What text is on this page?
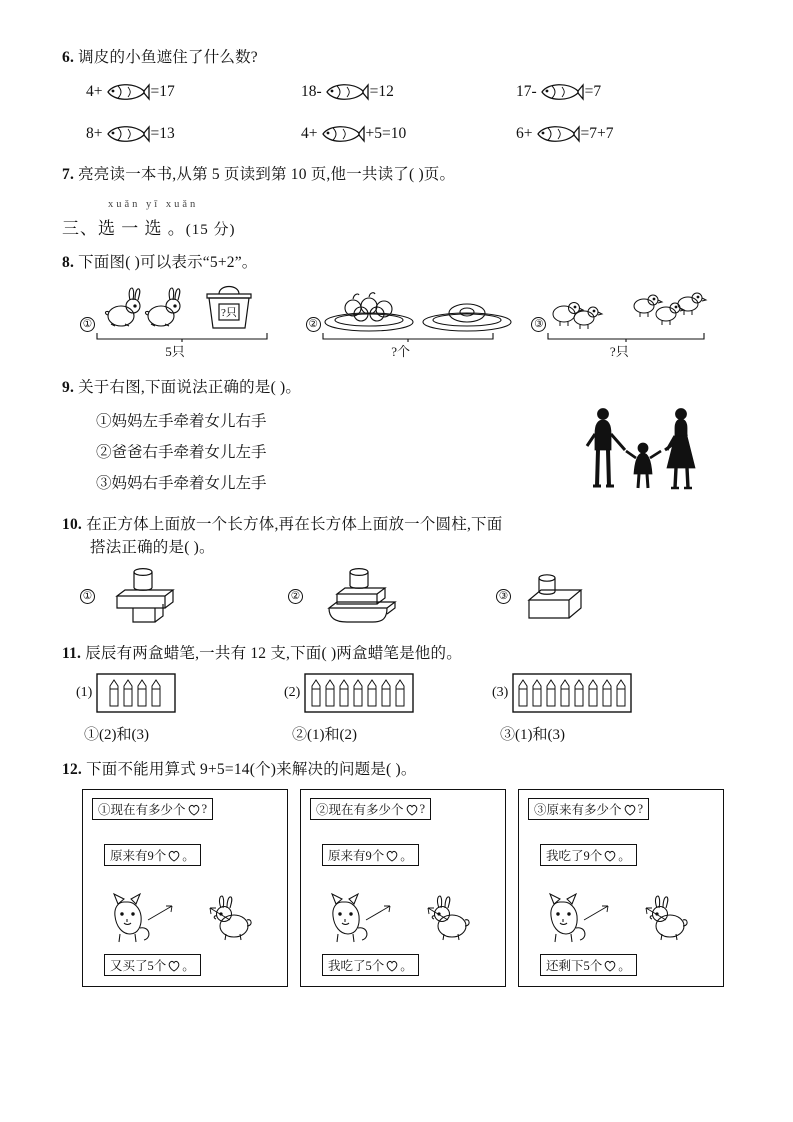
6. 调皮的小鱼遮住了什么数?
4+	=17	18-	=12	17-	=7
8+	=13	4+	+5=10	6+	=7+7
7. 亮亮读一本书,从第 5 页读到第 10 页,他一共读了( )页。
xuǎn yī xuǎn
三、选 一 选 。(15 分)
8. 下面图( )可以表示“5+2”。
①
?只
5只
②
?个
③
?只
9. 关于右图,下面说法正确的是( )。
①妈妈左手牵着女儿右手
②爸爸右手牵着女儿左手
③妈妈右手牵着女儿左手
10. 在正方体上面放一个长方体,再在长方体上面放一个圆柱,下面
搭法正确的是( )。
①	②	③
11. 辰辰有两盒蜡笔,一共有 12 支,下面( )两盒蜡笔是他的。
(1)	(2)	(3)
①(2)和(3)	②(1)和(2)	③(1)和(3)
12. 下面不能用算式 9+5=14(个)来解决的问题是( )。
①现在有多少个 ?
原来有9个 。
又买了5个 。
②现在有多少个 ?
原来有9个 。
我吃了5个 。
③原来有多少个 ?
我吃了9个 。
还剩下5个 。
